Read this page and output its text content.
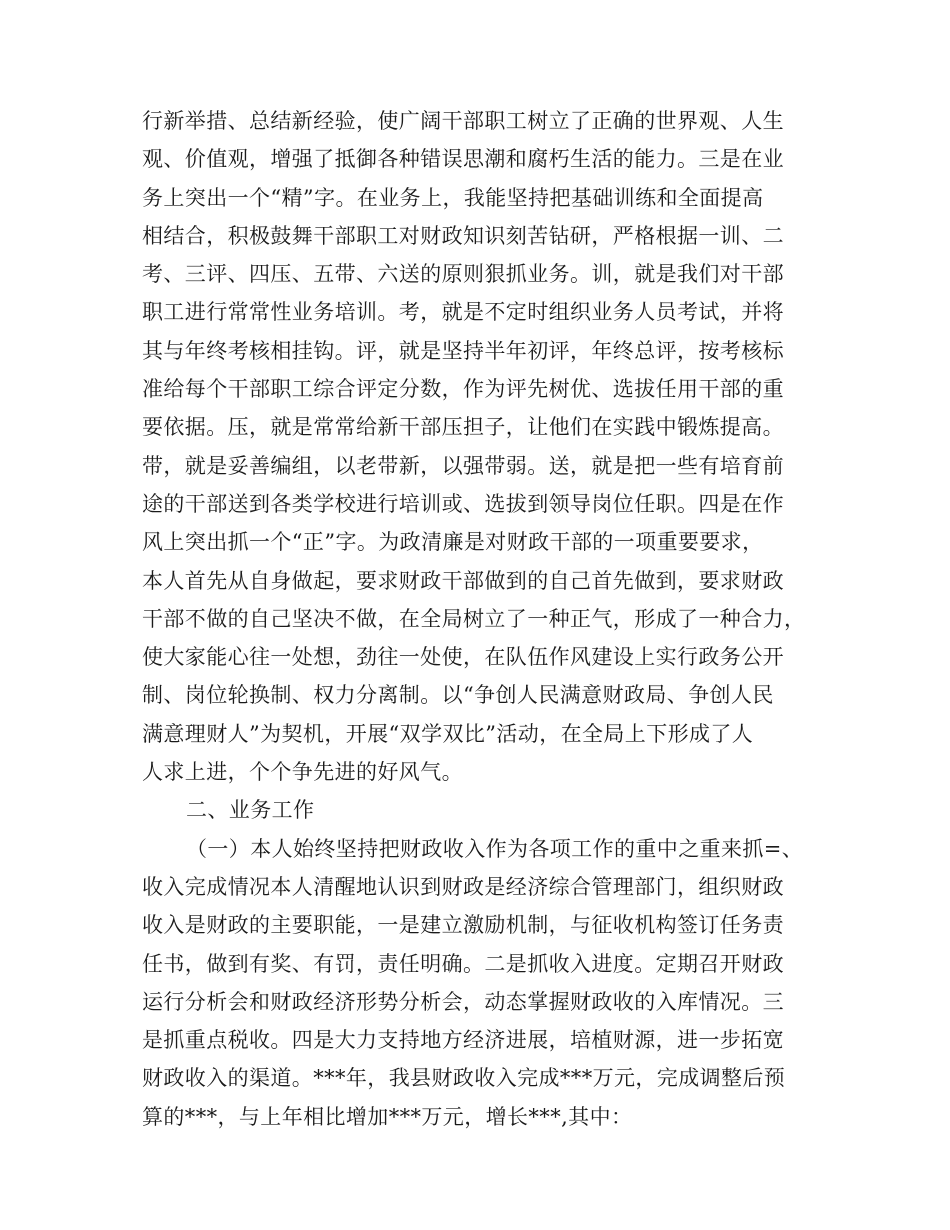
行新举措、总结新经验，使广阔干部职工树立了正确的世界观、人生
观、价值观，增强了抵御各种错误思潮和腐朽生活的能力。三是在业
务上突出一个“精”字。在业务上，我能坚持把基础训练和全面提高
相结合，积极鼓舞干部职工对财政知识刻苦钻研，严格根据一训、二
考、三评、四压、五带、六送的原则狠抓业务。训，就是我们对干部
职工进行常常性业务培训。考，就是不定时组织业务人员考试，并将
其与年终考核相挂钩。评，就是坚持半年初评，年终总评，按考核标
准给每个干部职工综合评定分数，作为评先树优、选拔任用干部的重
要依据。压，就是常常给新干部压担子，让他们在实践中锻炼提高。
带，就是妥善编组，以老带新，以强带弱。送，就是把一些有培育前
途的干部送到各类学校进行培训或、选拔到领导岗位任职。四是在作
风上突出抓一个“正”字。为政清廉是对财政干部的一项重要要求，
本人首先从自身做起，要求财政干部做到的自己首先做到，要求财政
干部不做的自己坚决不做，在全局树立了一种正气，形成了一种合力，
使大家能心往一处想，劲往一处使，在队伍作风建设上实行政务公开
制、岗位轮换制、权力分离制。以“争创人民满意财政局、争创人民
满意理财人”为契机，开展“双学双比”活动，在全局上下形成了人
人求上进，个个争先进的好风气。
二、业务工作
（一）本人始终坚持把财政收入作为各项工作的重中之重来抓=、
收入完成情况本人清醒地认识到财政是经济综合管理部门，组织财政
收入是财政的主要职能，一是建立激励机制，与征收机构签订任务责
任书，做到有奖、有罚，责任明确。二是抓收入进度。定期召开财政
运行分析会和财政经济形势分析会，动态掌握财政收的入库情况。三
是抓重点税收。四是大力支持地方经济进展，培植财源，进一步拓宽
财政收入的渠道。***年，我县财政收入完成***万元，完成调整后预
算的***，与上年相比增加***万元，增长***,其中：
